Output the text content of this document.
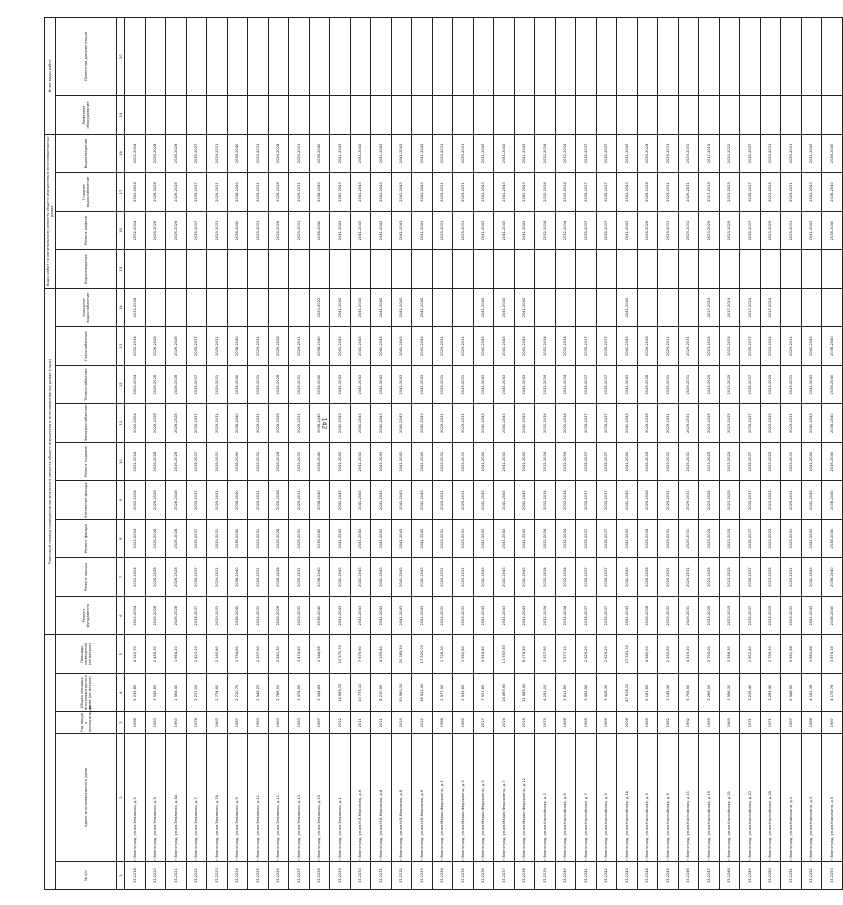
142
					Плановый период проведения капитального ремонта общего имущества в многоквартирных домах (годы)									Виды работ по капитальному ремонту общего имущества в многоквартирных домах				Иные виды работ	
№ п/п	Адрес многоквартирного дома	Год ввода в эксплуатацию	Общая площадь многоквартирного дома (кв.метров)	Площадь помещений (кв.метров)	Ремонт фундамента	Ремонт крыши	Ремонт фасада	Утепление фасада	Ремонт подвала	Электроснабжение	Теплоснабжение	Газоснабжение	Холодное водоснабжение	Водоотведение	Ремонт лифтов	Горячее водоснабжение	Водоотведение	Лифтовое оборудование	Проектная документация
1	2	3	4	5	6	7	8	9	10	11	12	13	14	15	16	17	18	19	20
33.2218	г.Волгоград, ул.им.Землячки, д.5	1996	5 235,80	4 320,70	2002-2004	2002-2004	2002-2004	2002-2004	2002-2004	2002-2004	2002-2004	2032-2034	2032-2034		2002-2004	2002-2004	2002-2004		
33.2220	г.Волгоград, ул.им.Землячки, д.5	1963	3 545,80	2 455,30	2026-2028	2026-2028	2026-2028	2026-2028	2026-2028	2026-2028	2026-2028	2026-2028			2026-2028	2026-2028	2026-2028		
33.2221	г.Волгоград, ул.им.Землячки, д.5А	1963	2 564,40	1 864,20	2026-2028	2026-2028	2026-2028	2026-2028	2026-2028	2026-2028	2026-2028	2026-2028			2026-2028	2026-2028	2026-2028		
33.2222	г.Волгоград, ул.им.Землячки, д.7	1976	3 237,00	2 423,10	2035-2037	2035-2037	2035-2037	2035-2037	2035-2037	2035-2037	2035-2037	2035-2037			2035-2037	2035-2037	2035-2037		
33.2223	г.Волгоград, ул.им.Землячки, д.7А	1963	2 774,60	2 160,80	2029-2031	2029-2031	2029-2031	2029-2031	2029-2031	2029-2031	2029-2031	2029-2031			2029-2031	2029-2031	2029-2031		
33.2224	г.Волгоград, ул.им.Землячки, д.9	1987	2 210,70	1 794,80	2038-2040	2038-2040	2038-2040	2038-2040	2038-2040	2038-2040	2038-2040	2038-2040			2038-2040	2038-2040	2038-2040		
33.2225	г.Волгоград, ул.им.Землячки, д.11	1963	2 549,20	2 337,60	2029-2031	2029-2031	2029-2031	2029-2031	2029-2031	2029-2031	2029-2031	2029-2031			2029-2031	2029-2031	2029-2031		
33.2226	г.Волгоград, ул.им.Землячки, д.11	1963	2 788,00	2 541,30	2026-2028	2026-2028	2026-2028	2026-2028	2026-2028	2026-2028	2026-2028	2026-2028			2026-2028	2026-2028	2026-2028		
33.2227	г.Волгоград, ул.им.Землячки, д.13	1963	3 474,60	3 474,60	2029-2031	2029-2031	2029-2031	2029-2031	2029-2031	2029-2031	2029-2031	2029-2031			2029-2031	2029-2031	2029-2031		
33.2228	г.Волгоград, ул.им.Землячки, д.15	1967	2 344,65	2 344,65	2038-2040	2038-2040	2038-2040	2038-2040	2038-2040	2038-2040	2038-2040	2038-2040	2020-2022		2038-2040	2038-2040	2038-2040		
33.2229	г.Волгоград, ул.им.Землячки, д.1	2012	14 665,70	10 570,30	2041-2043	2041-2043	2041-2043	2041-2043	2041-2043	2041-2043	2041-2043	2041-2043	2041-2043		2041-2043	2041-2043	2041-2043		
33.2230	г.Волгоград, ул.им.Н.В.Морозова, д.6	2011	10 775,10	7 679,60	2041-2043	2041-2043	2041-2043	2041-2043	2041-2043	2041-2043	2041-2043	2041-2043	2041-2043		2041-2043	2041-2043	2041-2043		
33.2231	г.Волгоград, ул.им.Н.В.Морозова, д.4	2011	8 210,90	4 339,40	2041-2043	2041-2043	2041-2043	2041-2043	2041-2043	2041-2043	2041-2043	2041-2043	2041-2043		2041-2043	2041-2043	2041-2043		
33.2232	г.Волгоград, ул.им.Н.В.Морозова, д.8	2010	30 580,10	20 385,50	2041-2043	2041-2043	2041-2043	2041-2043	2041-2043	2041-2043	2041-2043	2041-2043	2041-2043		2041-2043	2041-2043	2041-2043		
33.2233	г.Волгоград, ул.им.Н.В.Морозова, д.6	2012	18 522,40	17 520,00	2041-2043	2041-2043	2041-2043	2041-2043	2041-2043	2041-2043	2041-2043	2041-2043	2041-2043		2041-2043	2041-2043	2041-2043		
33.2234	г.Волгоград, ул.им.Марии Федоровны, д.1	1966	2 577,50	1 726,30	2029-2031	2029-2031	2029-2031	2029-2031	2029-2031	2029-2031	2029-2031	2029-2031			2029-2031	2029-2031	2029-2031		
33.2235	г.Волгоград, ул.им.Марии Федоровны, д.3	1960	2 535,60	1 952,60	2029-2031	2029-2031	2029-2031	2029-2031	2029-2031	2029-2031	2029-2031	2029-2031			2029-2031	2029-2031	2029-2031		
33.2236	г.Волгоград, ул.им.Марии Федоровны, д.5	2017	7 931,60	5 616,40	2041-2043	2041-2043	2041-2043	2041-2043	2041-2043	2041-2043	2041-2043	2041-2043	2041-2043		2041-2043	2041-2043	2041-2043		
33.2237	г.Волгоград, ул.им.Марии Федоровны, д.7	2016	14 469,60	11 557,80	2041-2043	2041-2043	2041-2043	2041-2043	2041-2043	2041-2043	2041-2043	2041-2043	2041-2043		2041-2043	2041-2043	2041-2043		
33.2238	г.Волгоград, ул.им.Марии Федоровны, д.12	2015	11 885,40	8 074,50	2041-2043	2041-2043	2041-2043	2041-2043	2041-2043	2041-2043	2041-2043	2041-2043	2041-2043		2041-2043	2041-2043	2041-2043		
33.2239	г.Волгоград, ул.им.Каспийская, д.3	1970	4 251,00	3 927,90	2032-2034	2032-2034	2032-2034	2032-2034	2032-2034	2032-2034	2032-2034	2032-2034			2032-2034	2032-2034	2032-2034		
33.2240	г.Волгоград, ул.им.Каспийская, д.5	1968	3 811,80	3 577,10	2032-2034	2032-2034	2032-2034	2032-2034	2032-2034	2032-2034	2032-2034	2032-2034			2032-2034	2032-2034	2032-2034		
33.2241	г.Волгоград, ул.им.Каспийская, д.7	1969	3 452,60	2 629,20	2035-2037	2035-2037	2035-2037	2035-2037	2035-2037	2035-2037	2035-2037	2035-2037			2035-2037	2035-2037	2035-2037		
33.2242	г.Волгоград, ул.им.Каспийская, д.9	1969	3 428,30	2 629,20	2035-2037	2035-2037	2035-2037	2035-2037	2035-2037	2035-2037	2035-2037	2035-2037			2035-2037	2035-2037	2035-2037		
33.2243	г.Волгоград, ул.им.Каспийская, д.1А	2008	47 618,20	27 541,30	2041-2043	2041-2043	2041-2043	2041-2043	2041-2043	2041-2043	2041-2043	2041-2043	2041-2043		2041-2043	2041-2043	2041-2043		
33.2244	г.Волгоград, ул.им.Каспийская, д.3	1965	6 161,60	4 580,00	2026-2028	2026-2028	2026-2028	2026-2028	2026-2028	2026-2028	2026-2028	2026-2028			2026-2028	2026-2028	2026-2028		
33.2245	г.Волгоград, ул.им.Каспийская, д.9	1962	3 145,30	2 392,60	2029-2031	2029-2031	2029-2031	2029-2031	2029-2031	2029-2031	2029-2031	2029-2031			2029-2031	2029-2031	2029-2031		
33.2246	г.Волгоград, ул.им.Каспийская, д.11	1962	5 794,50	4 519,20	2029-2031	2029-2031	2029-2031	2029-2031	2029-2031	2029-2031	2029-2031	2029-2031			2029-2031	2029-2031	2029-2031		
33.2247	г.Волгоград, ул.им.Каспийская, д.19	1969	3 266,50	2 705,00	2023-2025	2023-2025	2023-2025	2023-2025	2023-2025	2023-2025	2023-2025	2023-2025	2017-2019		2023-2025	2017-2019	2017-2019		
33.2248	г.Волгоград, ул.им.Каспийская, д.21	1969	3 556,30	3 556,30	2023-2025	2023-2025	2023-2025	2023-2025	2023-2025	2023-2025	2023-2025	2023-2025	2017-2019		2023-2025	2023-2025	2020-2022		
33.2249	г.Волгоград, ул.им.Каспийская, д.23	1971	3 239,40	2 802,40	2035-2037	2035-2037	2035-2037	2035-2037	2035-2037	2035-2037	2035-2037	2035-2037	2017-2019		2035-2037	2035-2037	2035-2037		
33.2250	г.Волгоград, ул.им.Каспийская, д.25	1971	3 281,40	2 799,10	2023-2025	2023-2025	2023-2025	2023-2025	2023-2025	2023-2025	2023-2025	2023-2025	2017-2019		2023-2029	2023-2025	2029-2031		
33.2251	г.Волгоград, ул.им.Калинина, д.1	1957	6 548,50	5 951,58	2029-2031	2029-2031	2029-2031	2029-2031	2029-2031	2029-2031	2029-2031	2029-2031			2029-2031	2029-2031	2029-2031		
33.2252	г.Волгоград, ул.им.Калинина, д.3	1968	4 181,36	3 683,86	2041-2043	2041-2043	2041-2043	2041-2043	2041-2043	2041-2043	2041-2043	2041-2043			2041-2043	2041-2043	2041-2043		
33.2253	г.Волгоград, ул.им.Калинина, д.5	1967	4 175,76	3 874,18	2038-2040	2038-2040	2038-2040	2038-2040	2038-2040	2038-2040	2038-2040	2038-2040			2038-2040	2038-2040	2038-2040		
